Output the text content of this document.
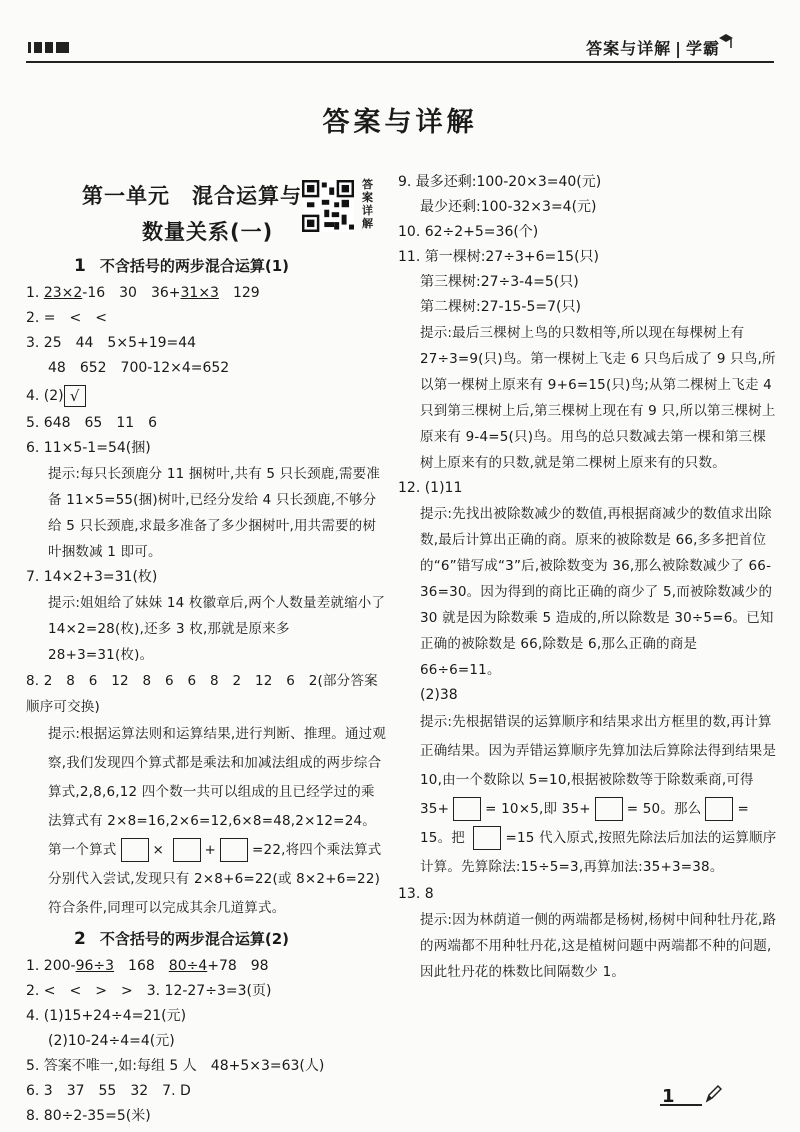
答案与详解 | 学霸
答案与详解
第一单元　混合运算与
数量关系(一)
答案详解
1 不含括号的两步混合运算(1)
1. 23×2-16　30　36+31×3　129
2. =　<　<
3. 25　44　5×5+19=44
48　652　700-12×4=652
4. (2) √
5. 648　65　11　6
6. 11×5-1=54(捆)
提示:每只长颈鹿分 11 捆树叶,共有 5 只长颈鹿,需要准备 11×5=55(捆)树叶,已经分发给 4 只长颈鹿,不够分给 5 只长颈鹿,求最多准备了多少捆树叶,用共需要的树叶捆数减 1 即可。
7. 14×2+3=31(枚)
提示:姐姐给了妹妹 14 枚徽章后,两个人数量差就缩小了 14×2=28(枚),还多 3 枚,那就是原来多 28+3=31(枚)。
8. 2　8　6　12　8　6　6　8　2　12　6　2(部分答案顺序可交换)
提示:根据运算法则和运算结果,进行判断、推理。通过观察,我们发现四个算式都是乘法和加减法组成的两步综合算式,2,8,6,12 四个数一共可以组成的且已经学过的乘法算式有 2×8=16,2×6=12,6×8=48,2×12=24。第一个算式	×	+	=22,将四个乘法算式分别代入尝试,发现只有 2×8+6=22(或 8×2+6=22)符合条件,同理可以完成其余几道算式。
2 不含括号的两步混合运算(2)
1. 200-96÷3　168　80÷4+78　98
2. <　<　>　>　3. 12-27÷3=3(页)
4. (1)15+24÷4=21(元)
(2)10-24÷4=4(元)
5. 答案不唯一,如:每组 5 人　48+5×3=63(人)
6. 3　37　55　32　7. D
8. 80÷2-35=5(米)
9. 最多还剩:100-20×3=40(元)
最少还剩:100-32×3=4(元)
10. 62÷2+5=36(个)
11. 第一棵树:27÷3+6=15(只)
第三棵树:27÷3-4=5(只)
第二棵树:27-15-5=7(只)
提示:最后三棵树上鸟的只数相等,所以现在每棵树上有 27÷3=9(只)鸟。第一棵树上飞走 6 只鸟后成了 9 只鸟,所以第一棵树上原来有 9+6=15(只)鸟;从第二棵树上飞走 4 只到第三棵树上后,第三棵树上现在有 9 只,所以第三棵树上原来有 9-4=5(只)鸟。用鸟的总只数减去第一棵和第三棵树上原来有的只数,就是第二棵树上原来有的只数。
12. (1)11
提示:先找出被除数减少的数值,再根据商减少的数值求出除数,最后计算出正确的商。原来的被除数是 66,多多把首位的“6”错写成“3”后,被除数变为 36,那么被除数减少了 66-36=30。因为得到的商比正确的商少了 5,而被除数减少的 30 就是因为除数乘 5 造成的,所以除数是 30÷5=6。已知正确的被除数是 66,除数是 6,那么正确的商是 66÷6=11。
(2)38
提示:先根据错误的运算顺序和结果求出方框里的数,再计算正确结果。因为弄错运算顺序先算加法后算除法得到结果是 10,由一个数除以 5=10,根据被除数等于除数乘商,可得 35+	= 10×5,即 35+	= 50。那么	= 15。把	=15 代入原式,按照先除法后加法的运算顺序计算。先算除法:15÷5=3,再算加法:35+3=38。
13. 8
提示:因为林荫道一侧的两端都是杨树,杨树中间种牡丹花,路的两端都不用种牡丹花,这是植树问题中两端都不种的问题,因此牡丹花的株数比间隔数少 1。
1
